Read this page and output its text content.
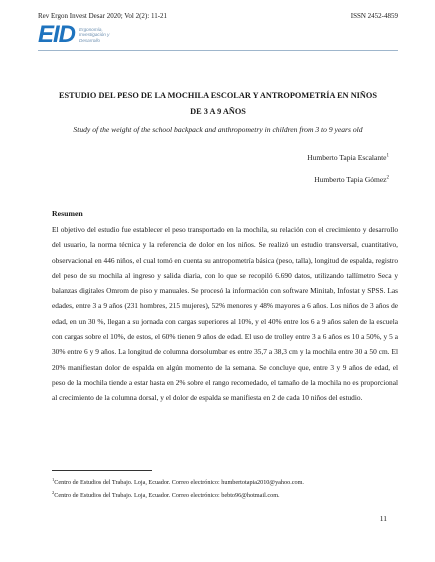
Rev Ergon Invest Desar 2020; Vol 2(2): 11-21	ISSN 2452-4859
EID Ergonomía,
Investigación y
Desarrollo
ESTUDIO DEL PESO DE LA MOCHILA ESCOLAR Y ANTROPOMETRÍA EN NIÑOS
DE 3 A 9 AÑOS
Study of the weight of the school backpack and anthropometry in children from 3 to 9 years old
Humberto Tapia Escalante$^1$
Humberto Tapia Gómez$^2$
Resumen
El objetivo del estudio fue establecer el peso transportado en la mochila, su relación con el crecimiento y desarrollo del usuario, la norma técnica y la referencia de dolor en los niños. Se realizó un estudio transversal, cuantitativo, observacional en 446 niños, el cual tomó en cuenta su antropometría básica (peso, talla), longitud de espalda, registro del peso de su mochila al ingreso y salida diaria, con lo que se recopiló 6.690 datos, utilizando tallímetro Seca y balanzas digitales Omrom de piso y manuales. Se procesó la información con software Minitab, Infostat y SPSS. Las edades, entre 3 a 9 años (231 hombres, 215 mujeres), 52% menores y 48% mayores a 6 años. Los niños de 3 años de edad, en un 30 %, llegan a su jornada con cargas superiores al 10%, y el 40% entre los 6 a 9 años salen de la escuela con cargas sobre el 10%, de estos, el 60% tienen 9 años de edad. El uso de trolley entre 3 a 6 años es 10 a 50%, y 5 a 30% entre 6 y 9 años. La longitud de columna dorsolumbar es entre 35,7 a 38,3 cm y la mochila entre 30 a 50 cm. El 20% manifiestan dolor de espalda en algún momento de la semana. Se concluye que, entre 3 y 9 años de edad, el peso de la mochila tiende a estar hasta en 2% sobre el rango recomedado, el tamaño de la mochila no es proporcional al crecimiento de la columna dorsal, y el dolor de espalda se manifiesta en 2 de cada 10 niños del estudio.
$^1$Centro de Estudios del Trabajo. Loja, Ecuador. Correo electrónico: humbertotapia2010@yahoo.com.
$^2$Centro de Estudios del Trabajo. Loja, Ecuador. Correo electrónico: bebto96@hotmail.com.
11
